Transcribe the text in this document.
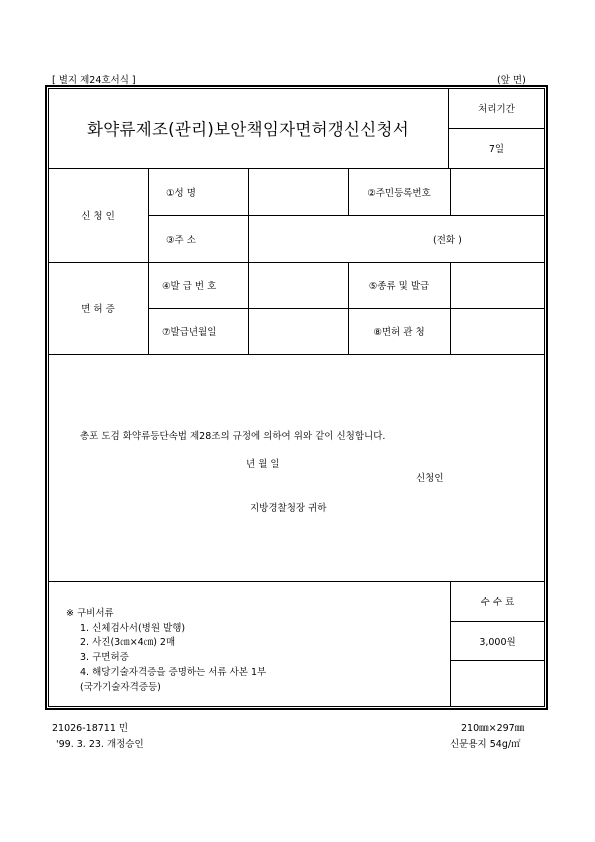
[ 별지 제24호서식 ]	(앞 면)
화약류제조(관리)보안책임자면허갱신신청서
처리기간
7일
신 청 인
①성 명	②주민등록번호
③주 소	(전화 )
면 허 증
④발 급 번 호	⑤종류 및 발급
⑦발급년월일	⑧면허 관 청
총포 도검 화약류등단속법 제28조의 규정에 의하여 위와 같이 신청합니다.
년 월 일
신청인
지방경찰청장 귀하
수 수 료
3,000원
※ 구비서류
1. 신체검사서(병원 발행)
2. 사진(3㎝×4㎝) 2매
3. 구면허증
4. 해당기술자격증을 증명하는 서류 사본 1부
(국가기술자격증등)
21026-18711 민
'99. 3. 23. 개정승인
210㎜×297㎜
신문용지 54g/㎡
